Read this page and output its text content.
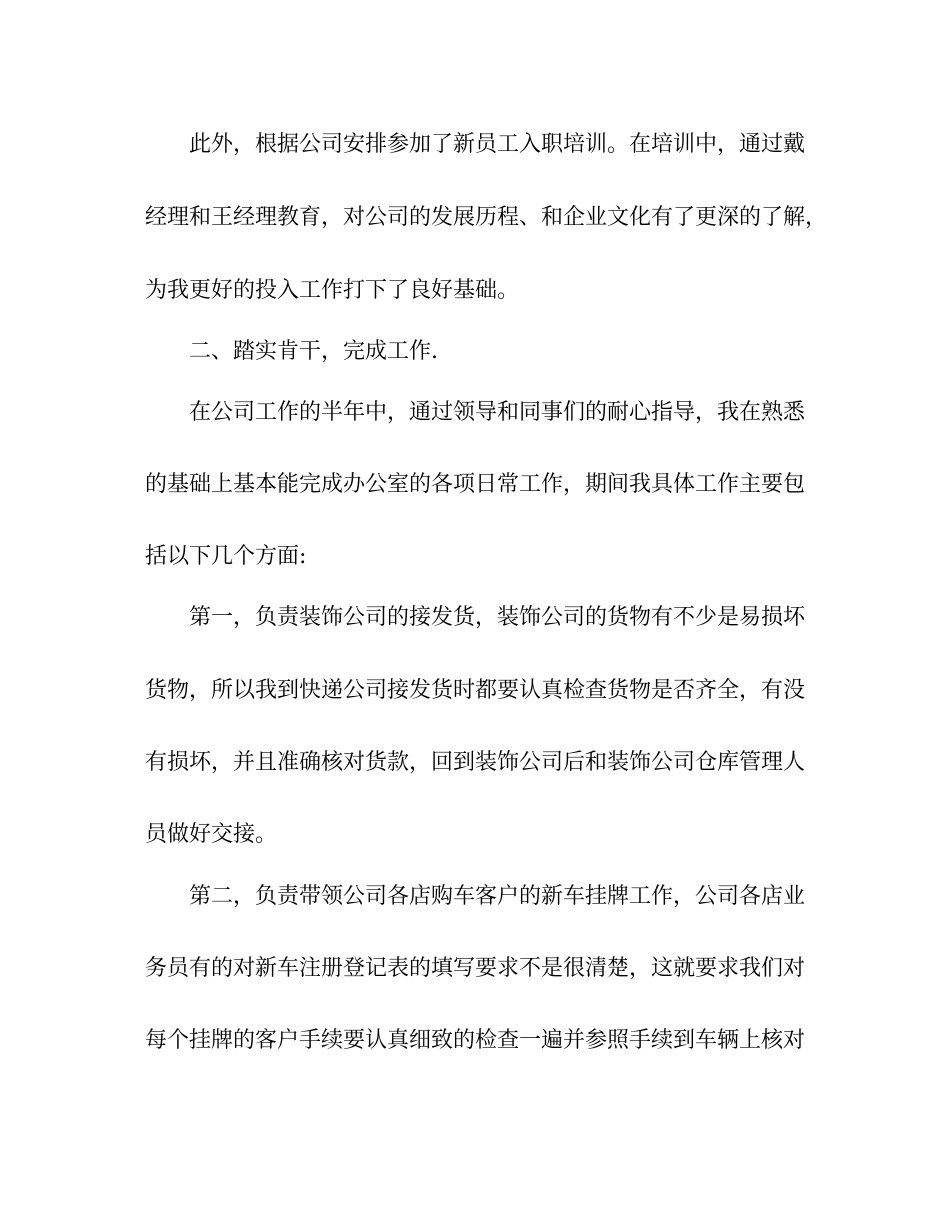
此外，根据公司安排参加了新员工入职培训。在培训中，通过戴
经理和王经理教育，对公司的发展历程、和企业文化有了更深的了解，
为我更好的投入工作打下了良好基础。
二、踏实肯干，完成工作.
在公司工作的半年中，通过领导和同事们的耐心指导，我在熟悉
的基础上基本能完成办公室的各项日常工作，期间我具体工作主要包
括以下几个方面:
第一，负责装饰公司的接发货，装饰公司的货物有不少是易损坏
货物，所以我到快递公司接发货时都要认真检查货物是否齐全，有没
有损坏，并且准确核对货款，回到装饰公司后和装饰公司仓库管理人
员做好交接。
第二，负责带领公司各店购车客户的新车挂牌工作，公司各店业
务员有的对新车注册登记表的填写要求不是很清楚，这就要求我们对
每个挂牌的客户手续要认真细致的检查一遍并参照手续到车辆上核对
